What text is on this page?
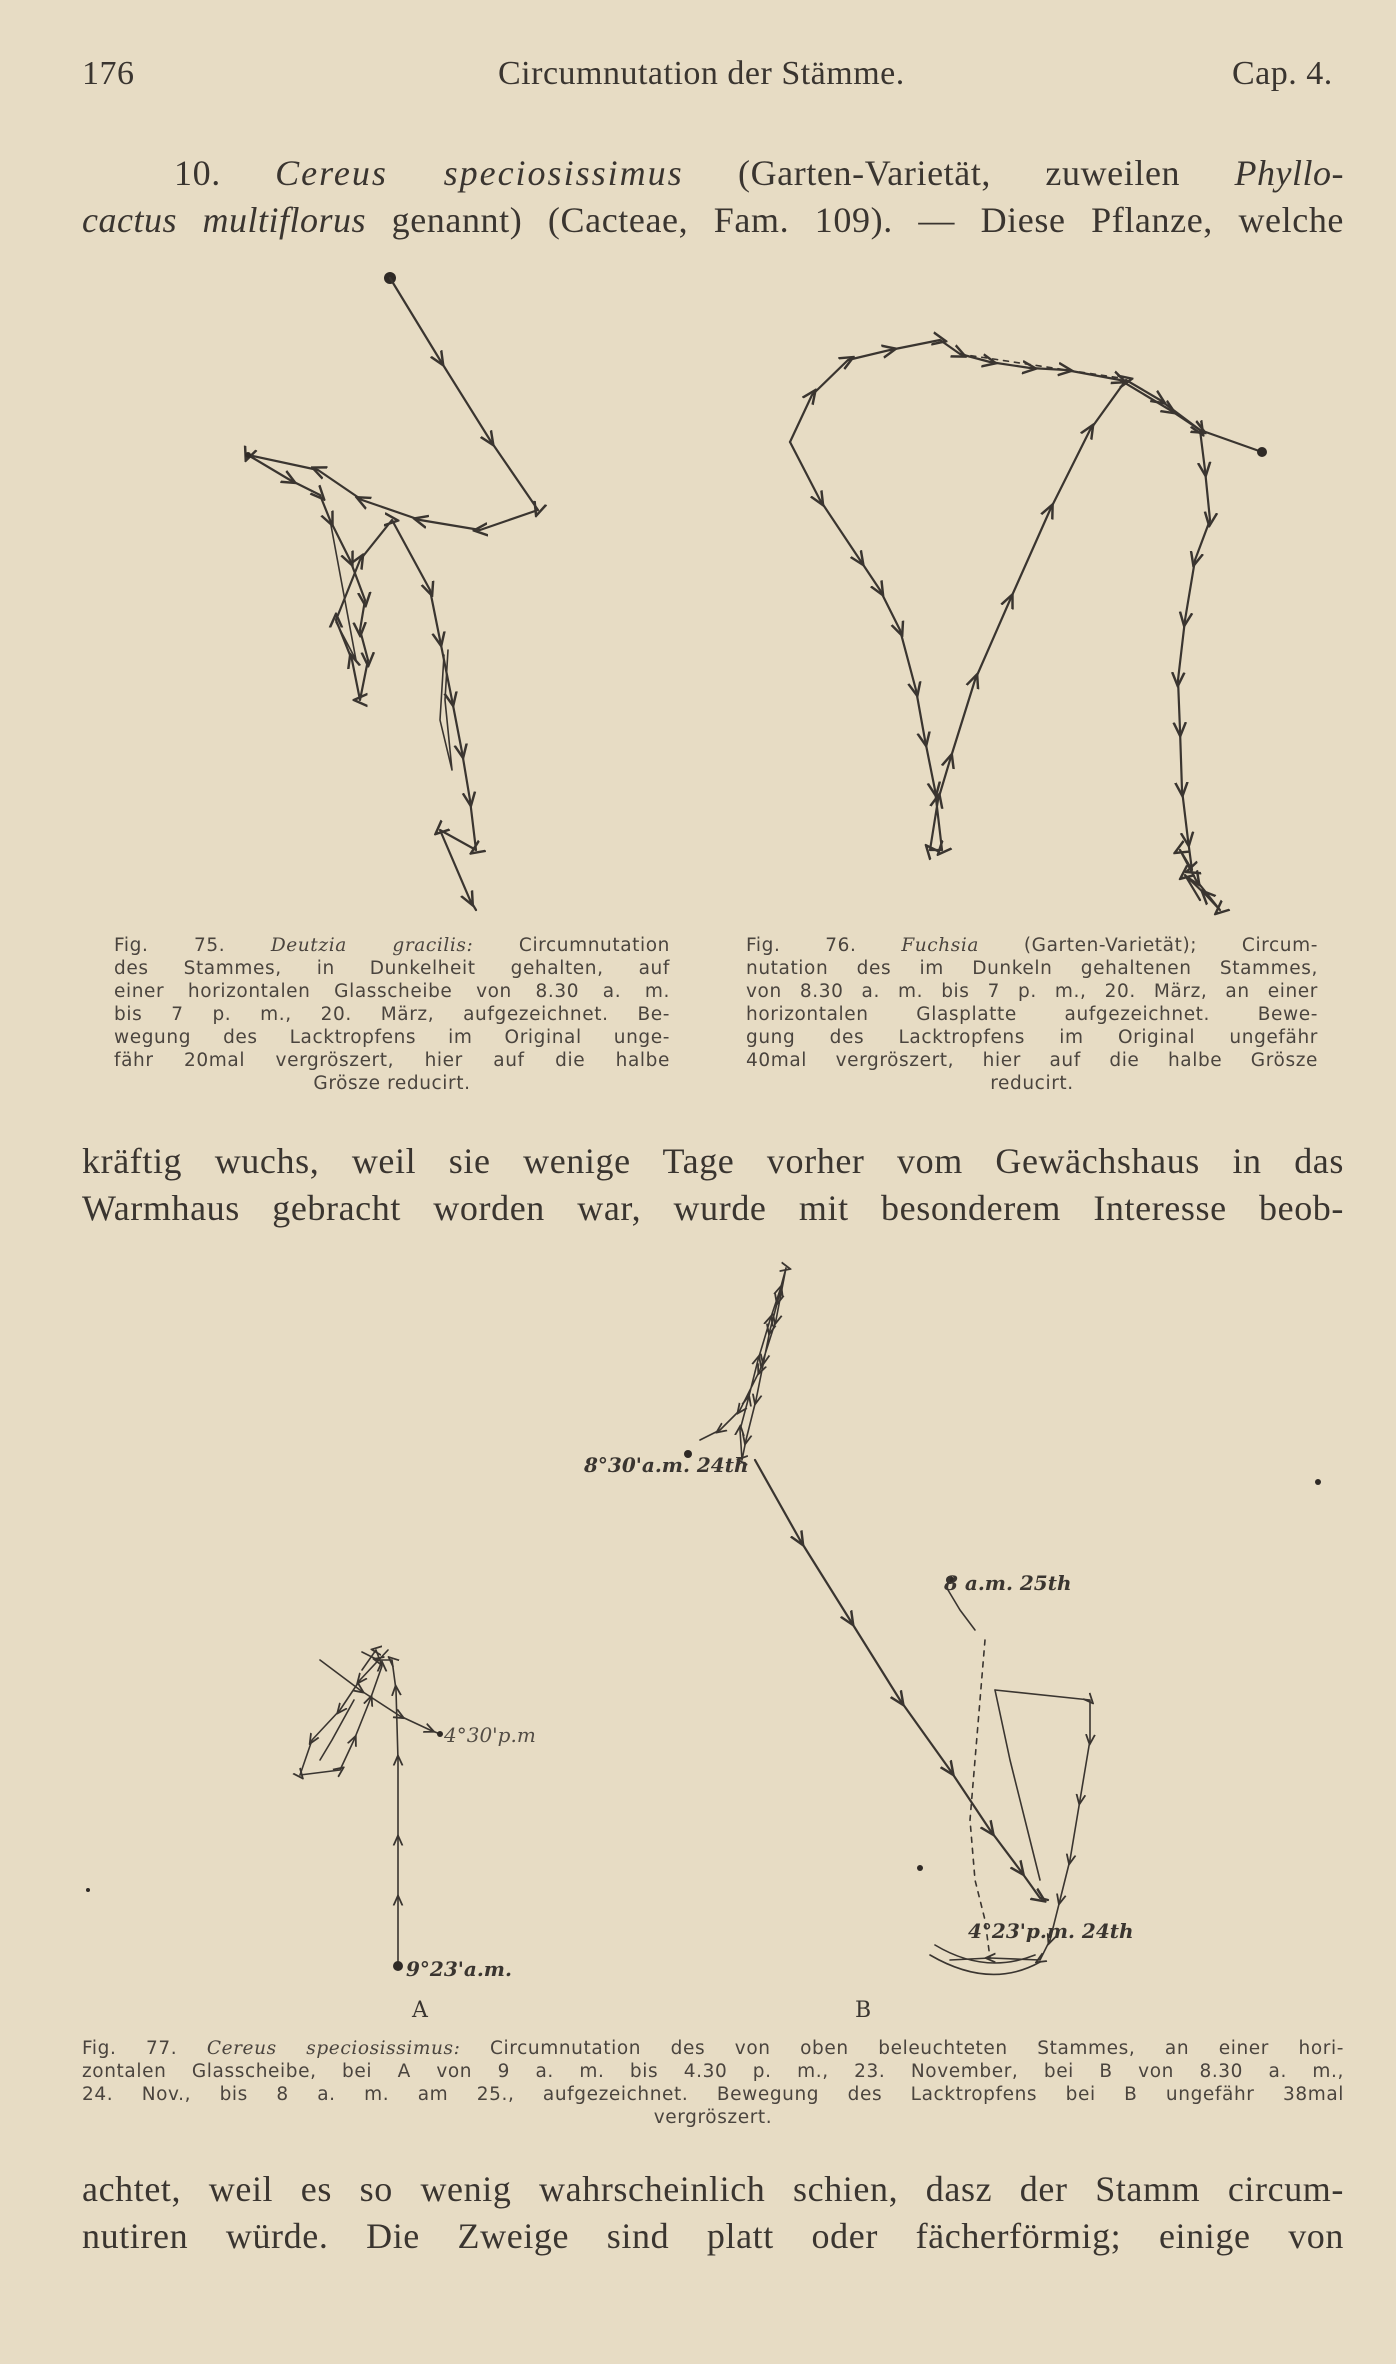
176	Circumnutation der Stämme.	Cap. 4.
10. Cereus speciosissimus (Garten-Varietät, zuweilen Phyllo-
cactus multiflorus genannt) (Cacteae, Fam. 109). — Diese Pflanze, welche
8°30'a.m. 24th
8 a.m. 25th
4°23'p.m. 24th
4°30'p.m
9°23'a.m.
A	B
Fig. 75. Deutzia gracilis: Circumnutation
des Stammes, in Dunkelheit gehalten, auf
einer horizontalen Glasscheibe von 8.30 a. m.
bis 7 p. m., 20. März, aufgezeichnet. Be-
wegung des Lacktropfens im Original unge-
fähr 20mal vergröszert, hier auf die halbe
Grösze reducirt.
Fig. 76. Fuchsia (Garten-Varietät); Circum-
nutation des im Dunkeln gehaltenen Stammes,
von 8.30 a. m. bis 7 p. m., 20. März, an einer
horizontalen Glasplatte aufgezeichnet. Bewe-
gung des Lacktropfens im Original ungefähr
40mal vergröszert, hier auf die halbe Grösze
reducirt.
kräftig wuchs, weil sie wenige Tage vorher vom Gewächshaus in das
Warmhaus gebracht worden war, wurde mit besonderem Interesse beob-
Fig. 77. Cereus speciosissimus: Circumnutation des von oben beleuchteten Stammes, an einer hori-
zontalen Glasscheibe, bei A von 9 a. m. bis 4.30 p. m., 23. November, bei B von 8.30 a. m.,
24. Nov., bis 8 a. m. am 25., aufgezeichnet. Bewegung des Lacktropfens bei B ungefähr 38mal
vergröszert.
achtet, weil es so wenig wahrscheinlich schien, dasz der Stamm circum-
nutiren würde. Die Zweige sind platt oder fächerförmig; einige von
